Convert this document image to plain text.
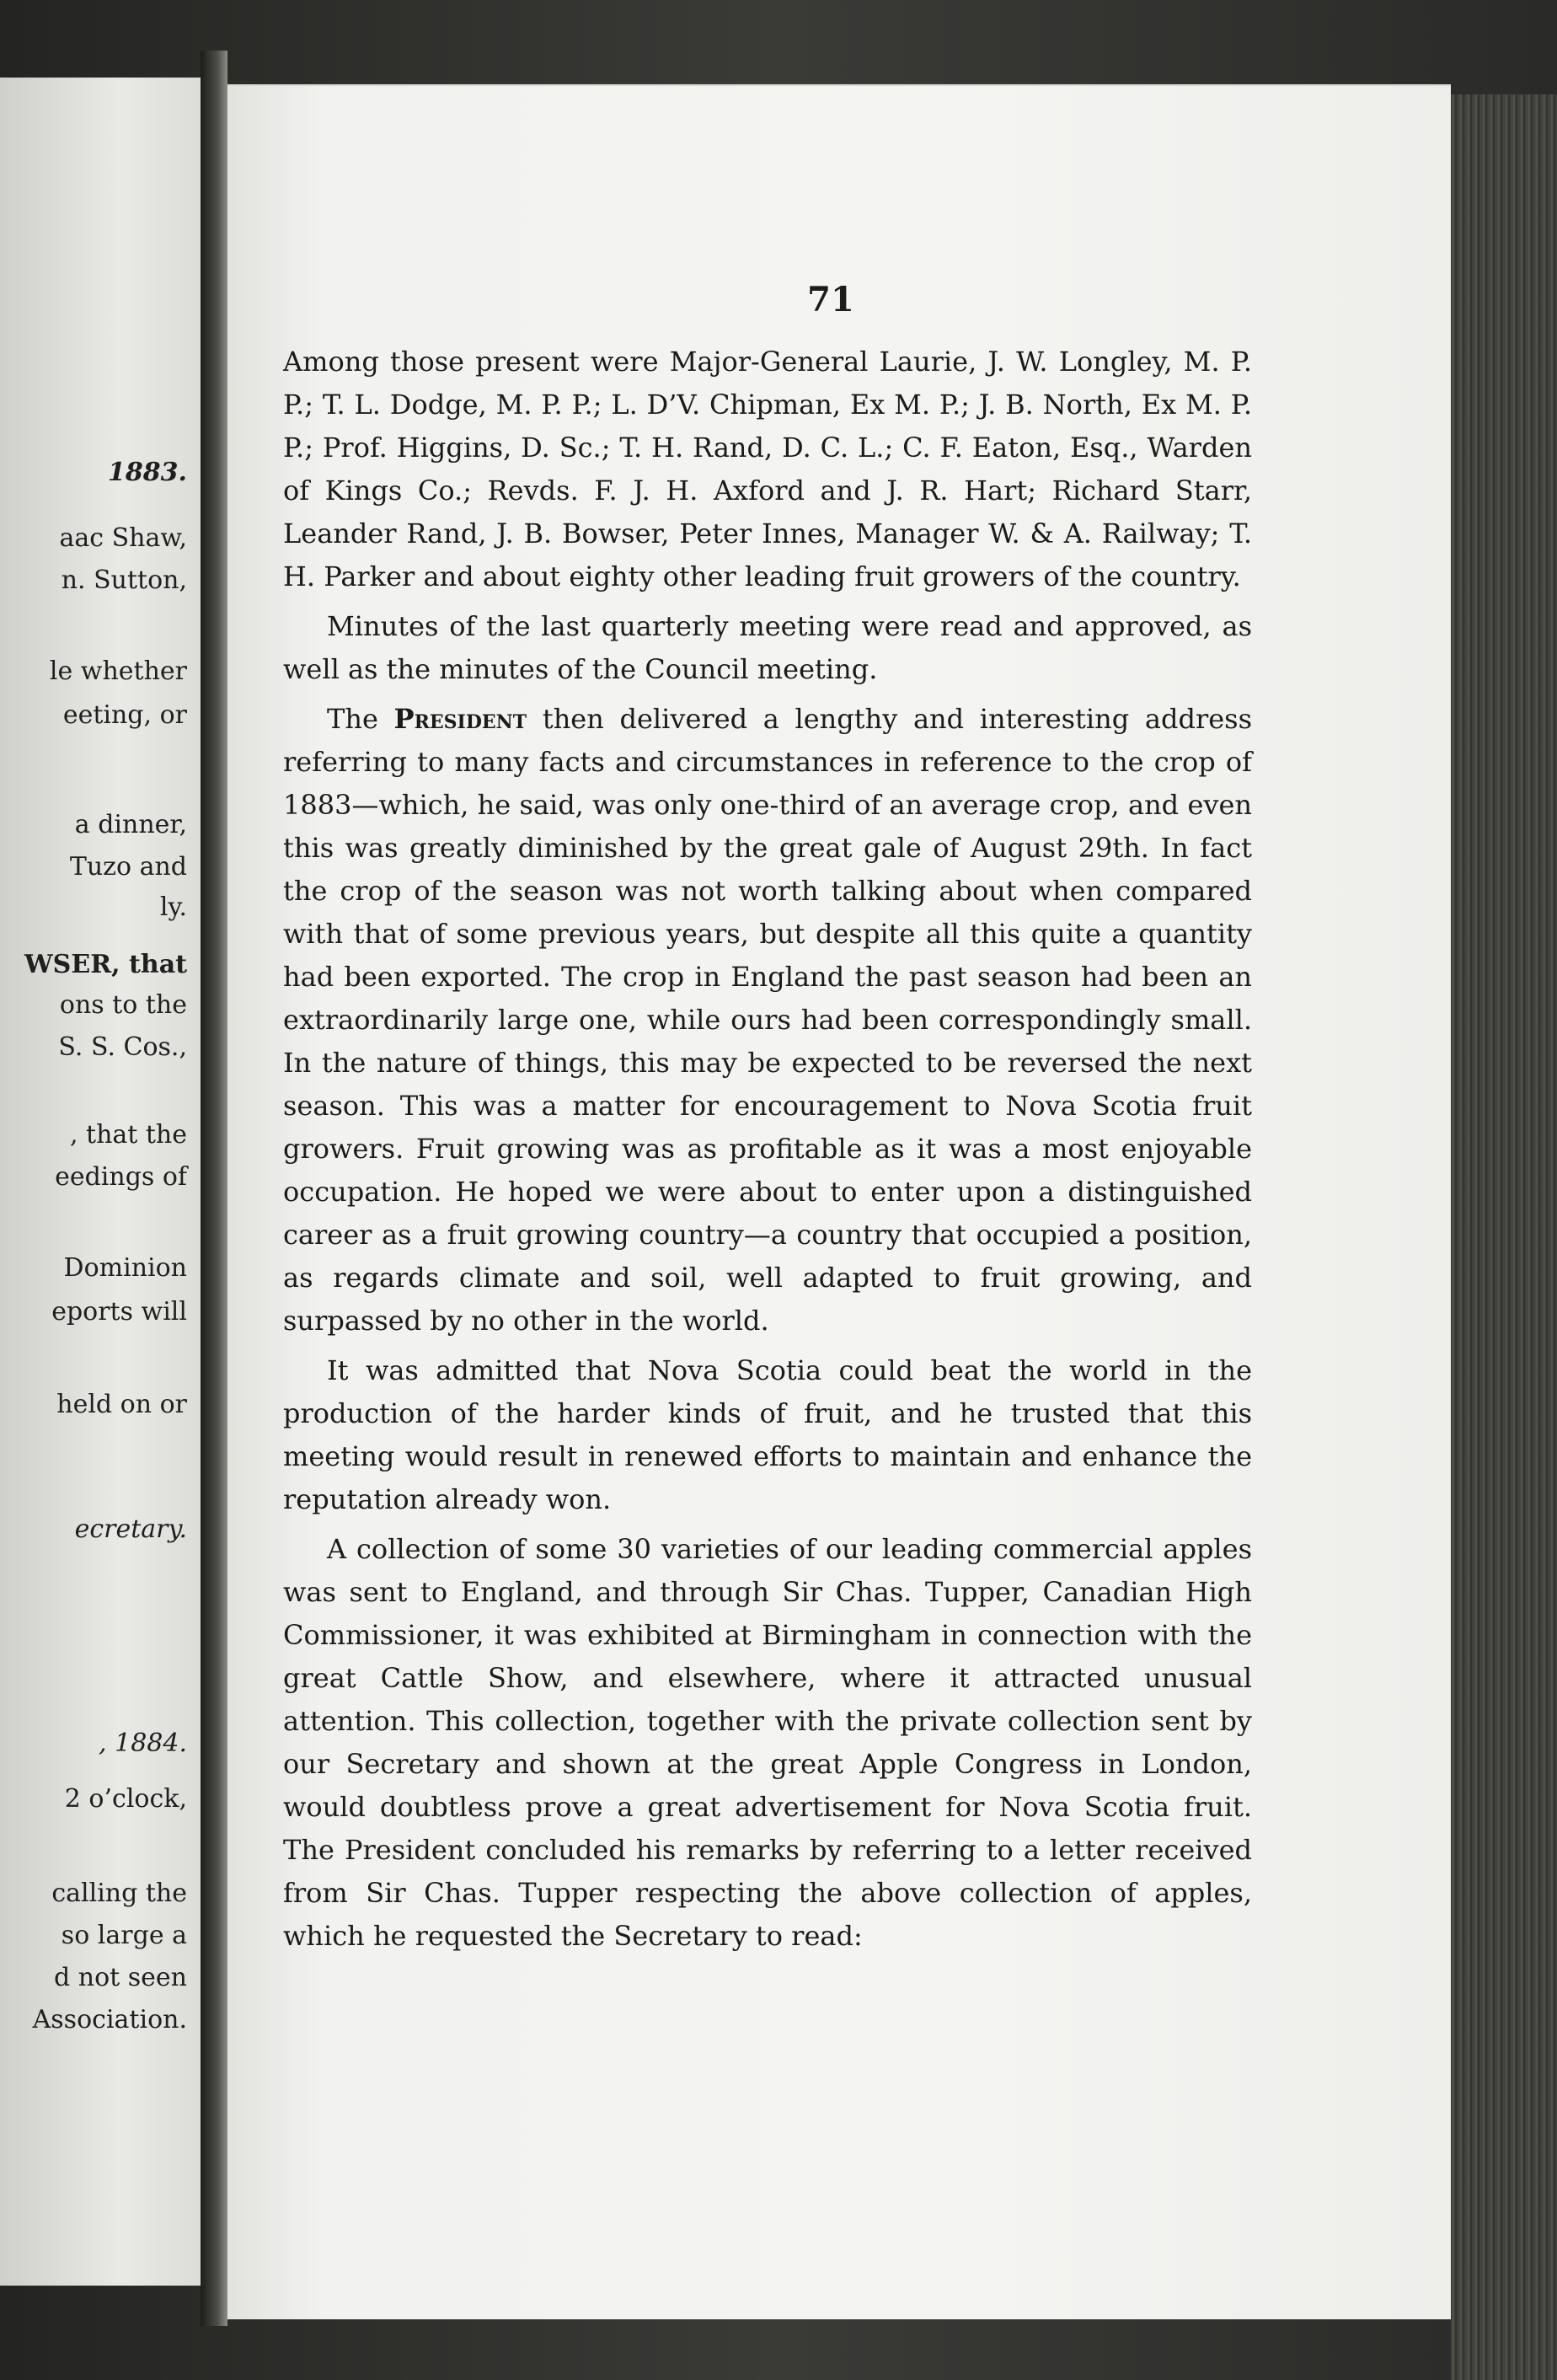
1883.
aac Shaw,
n. Sutton,
le whether
eeting, or
a dinner,
Tuzo and
ly.
WSER, that
ons to the
S. S. Cos.,
, that the
eedings of
Dominion
eports will
held on or
ecretary.
, 1884.
2 o’clock,
calling the
so large a
d not seen
Association.
71

Among those present were Major-General Laurie, J. W. Longley, M. P. P.; T. L. Dodge, M. P. P.; L. D’V. Chipman, Ex M. P.; J. B. North, Ex M. P. P.; Prof. Higgins, D. Sc.; T. H. Rand, D. C. L.; C. F. Eaton, Esq., Warden of Kings Co.; Revds. F. J. H. Axford and J. R. Hart; Richard Starr, Leander Rand, J. B. Bowser, Peter Innes, Manager W. & A. Railway; T. H. Parker and about eighty other leading fruit growers of the country.

Minutes of the last quarterly meeting were read and approved, as well as the minutes of the Council meeting.

The President then delivered a lengthy and interesting address referring to many facts and circumstances in reference to the crop of 1883—which, he said, was only one-third of an average crop, and even this was greatly diminished by the great gale of August 29th. In fact the crop of the season was not worth talking about when compared with that of some previous years, but despite all this quite a quantity had been exported. The crop in England the past season had been an extraordinarily large one, while ours had been correspondingly small. In the nature of things, this may be expected to be reversed the next season. This was a matter for encouragement to Nova Scotia fruit growers. Fruit growing was as profitable as it was a most enjoyable occupation. He hoped we were about to enter upon a distinguished career as a fruit growing country—a country that occupied a position, as regards climate and soil, well adapted to fruit growing, and surpassed by no other in the world.

It was admitted that Nova Scotia could beat the world in the production of the harder kinds of fruit, and he trusted that this meeting would result in renewed efforts to maintain and enhance the reputation already won.

A collection of some 30 varieties of our leading commercial apples was sent to England, and through Sir Chas. Tupper, Canadian High Commissioner, it was exhibited at Birmingham in connection with the great Cattle Show, and elsewhere, where it attracted unusual attention. This collection, together with the private collection sent by our Secretary and shown at the great Apple Congress in London, would doubtless prove a great advertisement for Nova Scotia fruit. The President concluded his remarks by referring to a letter received from Sir Chas. Tupper respecting the above collection of apples, which he requested the Secretary to read:
